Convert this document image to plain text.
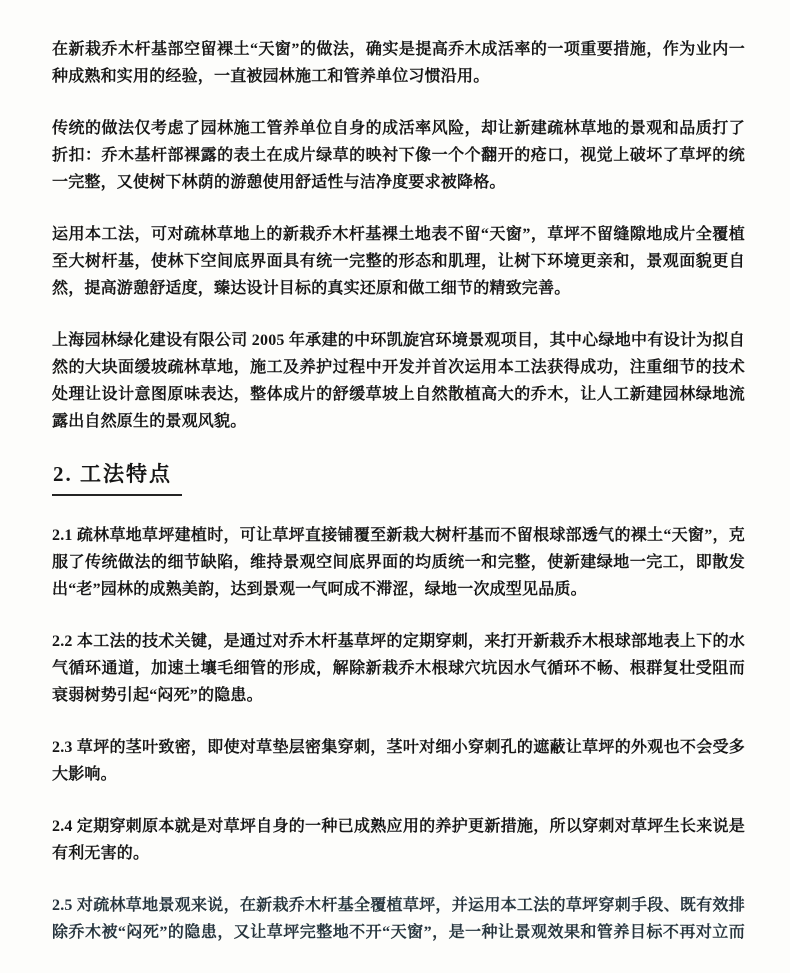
在新栽乔木杆基部空留裸土“天窗”的做法，确实是提高乔木成活率的一项重要措施，作为业内一种成熟和实用的经验，一直被园林施工和管养单位习惯沿用。

传统的做法仅考虑了园林施工管养单位自身的成活率风险，却让新建疏林草地的景观和品质打了折扣：乔木基杆部裸露的表土在成片绿草的映衬下像一个个翻开的疮口，视觉上破坏了草坪的统一完整，又使树下林荫的游憩使用舒适性与洁净度要求被降格。

运用本工法，可对疏林草地上的新栽乔木杆基裸土地表不留“天窗”，草坪不留缝隙地成片全覆植至大树杆基，使林下空间底界面具有统一完整的形态和肌理，让树下环境更亲和，景观面貌更自然，提高游憩舒适度，臻达设计目标的真实还原和做工细节的精致完善。

上海园林绿化建设有限公司 2005 年承建的中环凯旋宫环境景观项目，其中心绿地中有设计为拟自然的大块面缓坡疏林草地，施工及养护过程中开发并首次运用本工法获得成功，注重细节的技术处理让设计意图原味表达，整体成片的舒缓草坡上自然散植高大的乔木，让人工新建园林绿地流露出自然原生的景观风貌。

2. 工法特点

2.1 疏林草地草坪建植时，可让草坪直接铺覆至新栽大树杆基而不留根球部透气的裸土“天窗”，克服了传统做法的细节缺陷，维持景观空间底界面的均质统一和完整，使新建绿地一完工，即散发出“老”园林的成熟美韵，达到景观一气呵成不滞涩，绿地一次成型见品质。

2.2 本工法的技术关键，是通过对乔木杆基草坪的定期穿刺，来打开新栽乔木根球部地表上下的水气循环通道，加速土壤毛细管的形成，解除新栽乔木根球穴坑因水气循环不畅、根群复壮受阻而衰弱树势引起“闷死”的隐患。

2.3 草坪的茎叶致密，即使对草垫层密集穿刺，茎叶对细小穿刺孔的遮蔽让草坪的外观也不会受多大影响。

2.4 定期穿刺原本就是对草坪自身的一种已成熟应用的养护更新措施，所以穿刺对草坪生长来说是有利无害的。

2.5 对疏林草地景观来说，在新栽乔木杆基全覆植草坪，并运用本工法的草坪穿刺手段、既有效排除乔木被“闷死”的隐患，又让草坪完整地不开“天窗”，是一种让景观效果和管养目标不再对立而
